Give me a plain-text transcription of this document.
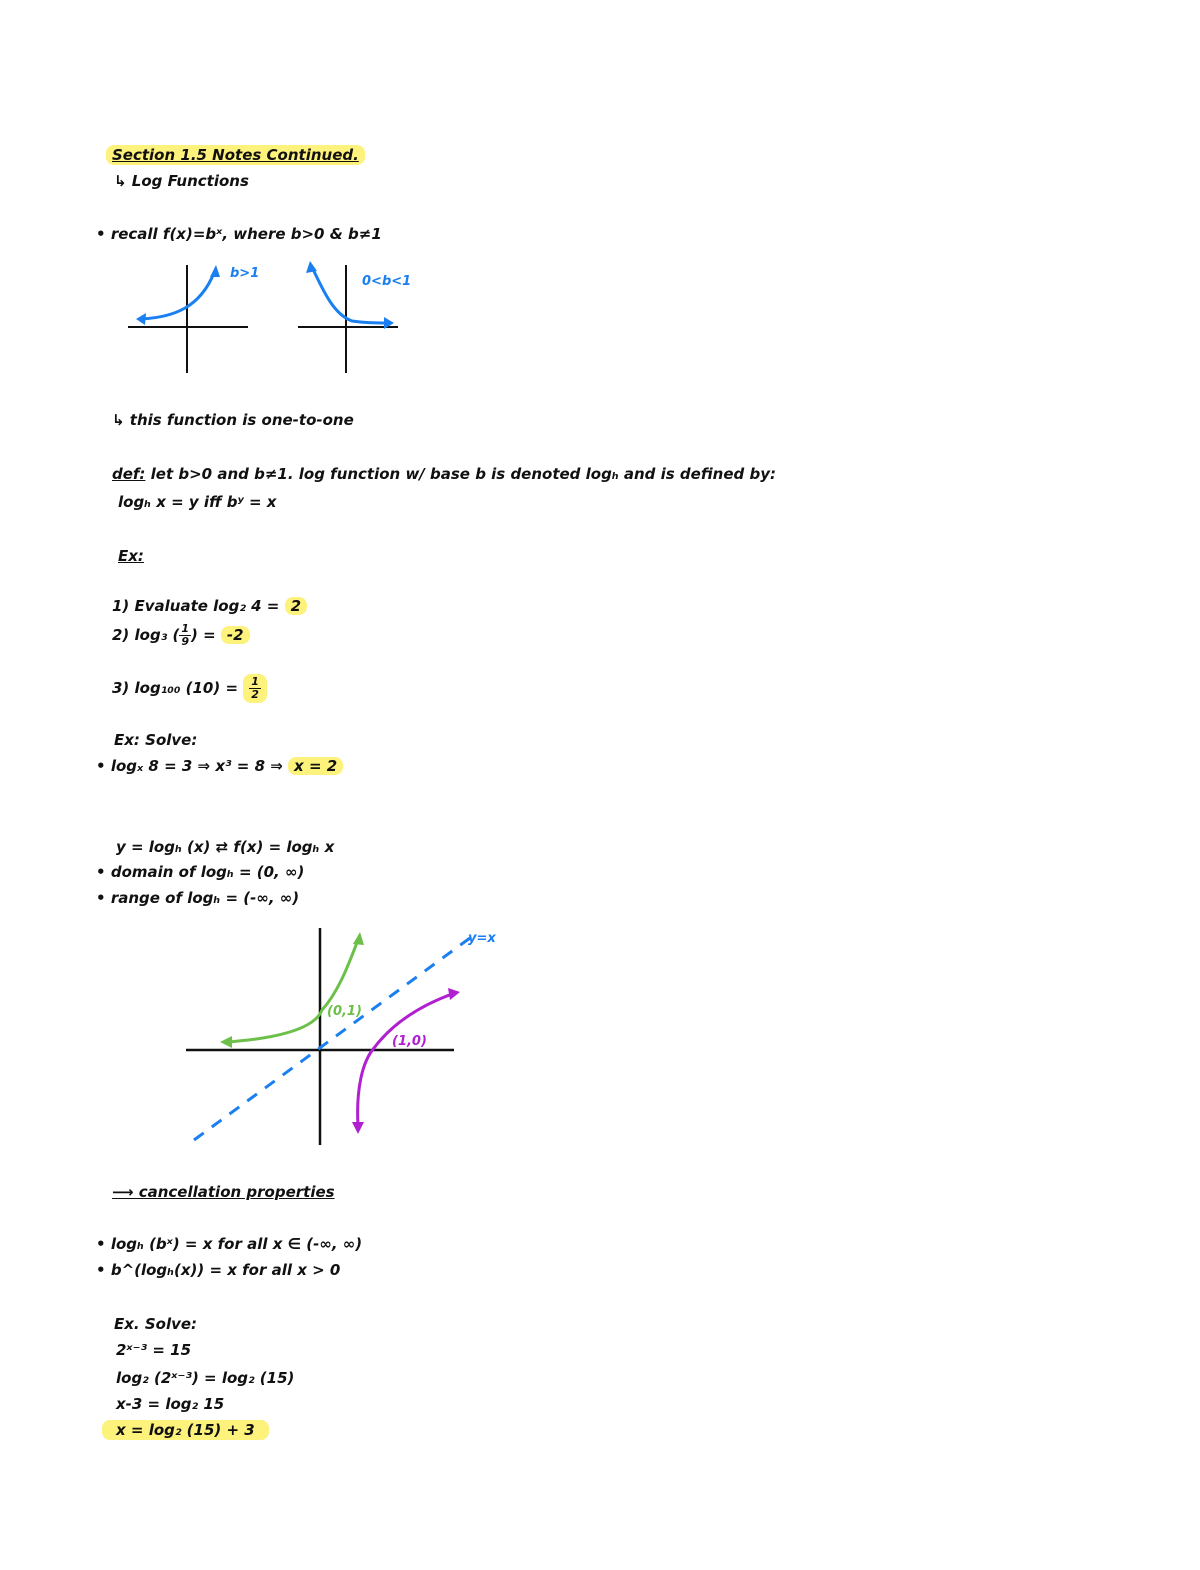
Section 1.5 Notes Continued.
↳ Log Functions
• recall f(x)=bˣ, where b>0 & b≠1
b>1
0<b<1
↳ this function is one-to-one
def: let b>0 and b≠1. log function w/ base b is denoted logₕ and is defined by:
logₕ x = y iff bʸ = x
Ex:
1) Evaluate log₂ 4 = 2
2) log₃ ( $\frac{1}{9}$ ) = -2
3) log₁₀₀ $(10) = \frac{1}{2}$
Ex: Solve:
• logₓ 8 = 3 ⇒ x³ = 8 ⇒ x = 2
y = logₕ (x) ⇄ f(x) = logₕ x
• domain of logₕ = (0, ∞)
• range of logₕ = (-∞, ∞)
y=x
(0,1)
(1,0)
⟶ cancellation properties
• logₕ (bˣ) = x for all x ∈ (-∞, ∞)
• b^(logₕ(x)) = x for all x > 0
Ex. Solve:
2ˣ⁻³ = 15
log₂ (2ˣ⁻³) = log₂ (15)
x-3 = log₂ 15
x = log₂ (15) + 3
